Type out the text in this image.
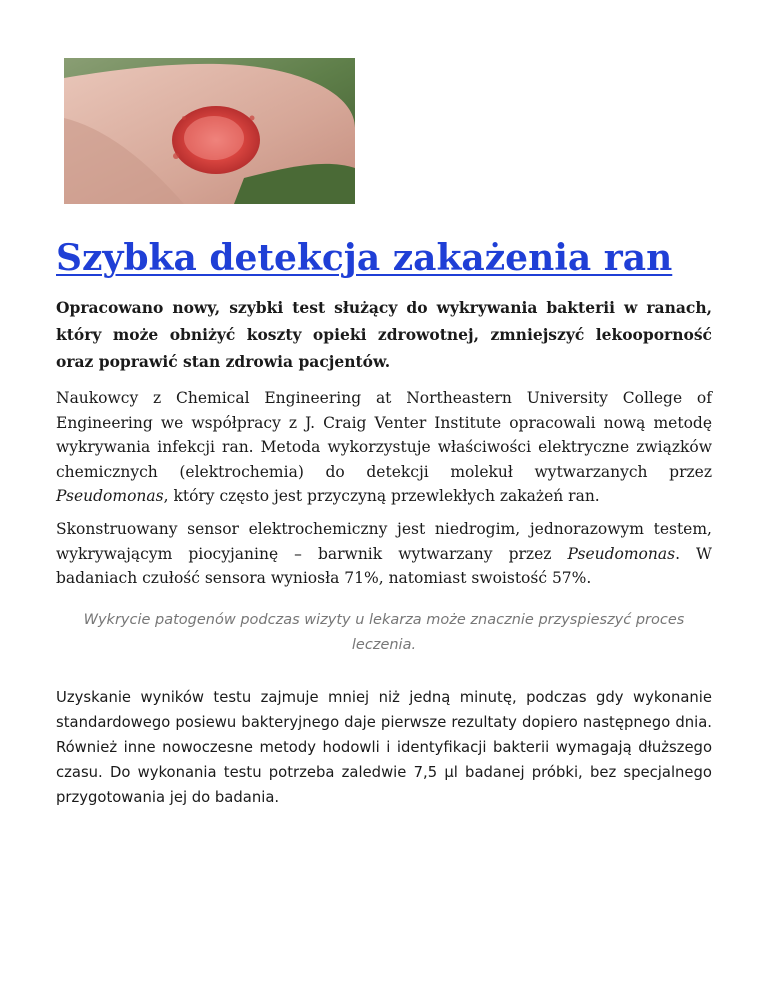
Szybka detekcja zakażenia ran

Opracowano nowy, szybki test służący do wykrywania bakterii w ranach, który może obniżyć koszty opieki zdrowotnej, zmniejszyć lekooporność oraz poprawić stan zdrowia pacjentów.

Naukowcy z Chemical Engineering at Northeastern University College of Engineering we współpracy z J. Craig Venter Institute opracowali nową metodę wykrywania infekcji ran. Metoda wykorzystuje właściwości elektryczne związków chemicznych (elektrochemia) do detekcji molekuł wytwarzanych przez Pseudomonas, który często jest przyczyną przewlekłych zakażeń ran.

Skonstruowany sensor elektrochemiczny jest niedrogim, jednorazowym testem, wykrywającym piocyjaninę – barwnik wytwarzany przez Pseudomonas. W badaniach czułość sensora wyniosła 71%, natomiast swoistość 57%.

Wykrycie patogenów podczas wizyty u lekarza może znacznie przyspieszyć proces leczenia.

Uzyskanie wyników testu zajmuje mniej niż jedną minutę, podczas gdy wykonanie standardowego posiewu bakteryjnego daje pierwsze rezultaty dopiero następnego dnia. Również inne nowoczesne metody hodowli i identyfikacji bakterii wymagają dłuższego czasu. Do wykonania testu potrzeba zaledwie 7,5 µl badanej próbki, bez specjalnego przygotowania jej do badania.
